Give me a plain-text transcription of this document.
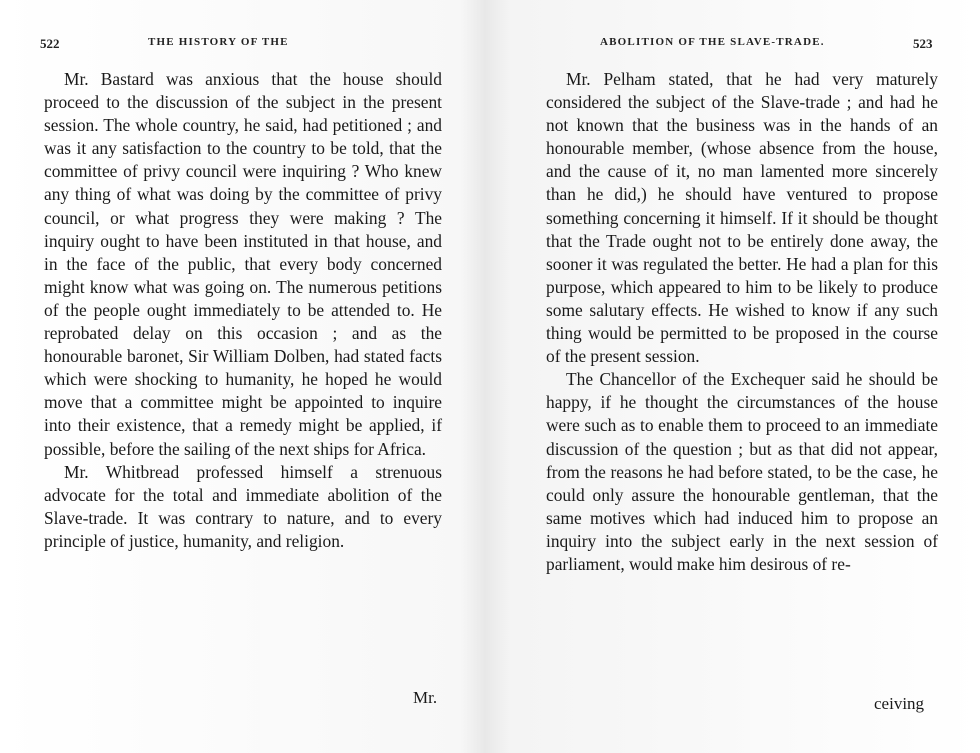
522	THE HISTORY OF THE

Mr. Bastard was anxious that the house should proceed to the discussion of the subject in the present session. The whole country, he said, had petitioned ; and was it any satisfaction to the country to be told, that the committee of privy council were inquiring ? Who knew any thing of what was doing by the committee of privy council, or what progress they were making ? The inquiry ought to have been instituted in that house, and in the face of the public, that every body concerned might know what was going on. The numerous petitions of the people ought immediately to be attended to. He reprobated delay on this occasion ; and as the honourable baronet, Sir William Dolben, had stated facts which were shocking to humanity, he hoped he would move that a committee might be appointed to inquire into their existence, that a remedy might be applied, if possible, before the sailing of the next ships for Africa.

Mr. Whitbread professed himself a strenuous advocate for the total and immediate abolition of the Slave-trade. It was contrary to nature, and to every principle of justice, humanity, and religion.

Mr.
ABOLITION OF THE SLAVE-TRADE.	523

Mr. Pelham stated, that he had very maturely considered the subject of the Slave-trade ; and had he not known that the business was in the hands of an honourable member, (whose absence from the house, and the cause of it, no man lamented more sincerely than he did,) he should have ventured to propose something concerning it himself. If it should be thought that the Trade ought not to be entirely done away, the sooner it was regulated the better. He had a plan for this purpose, which appeared to him to be likely to produce some salutary effects. He wished to know if any such thing would be permitted to be proposed in the course of the present session.

The Chancellor of the Exchequer said he should be happy, if he thought the circumstances of the house were such as to enable them to proceed to an immediate discussion of the question ; but as that did not appear, from the reasons he had before stated, to be the case, he could only assure the honourable gentleman, that the same motives which had induced him to propose an inquiry into the subject early in the next session of parliament, would make him desirous of re-

ceiving
